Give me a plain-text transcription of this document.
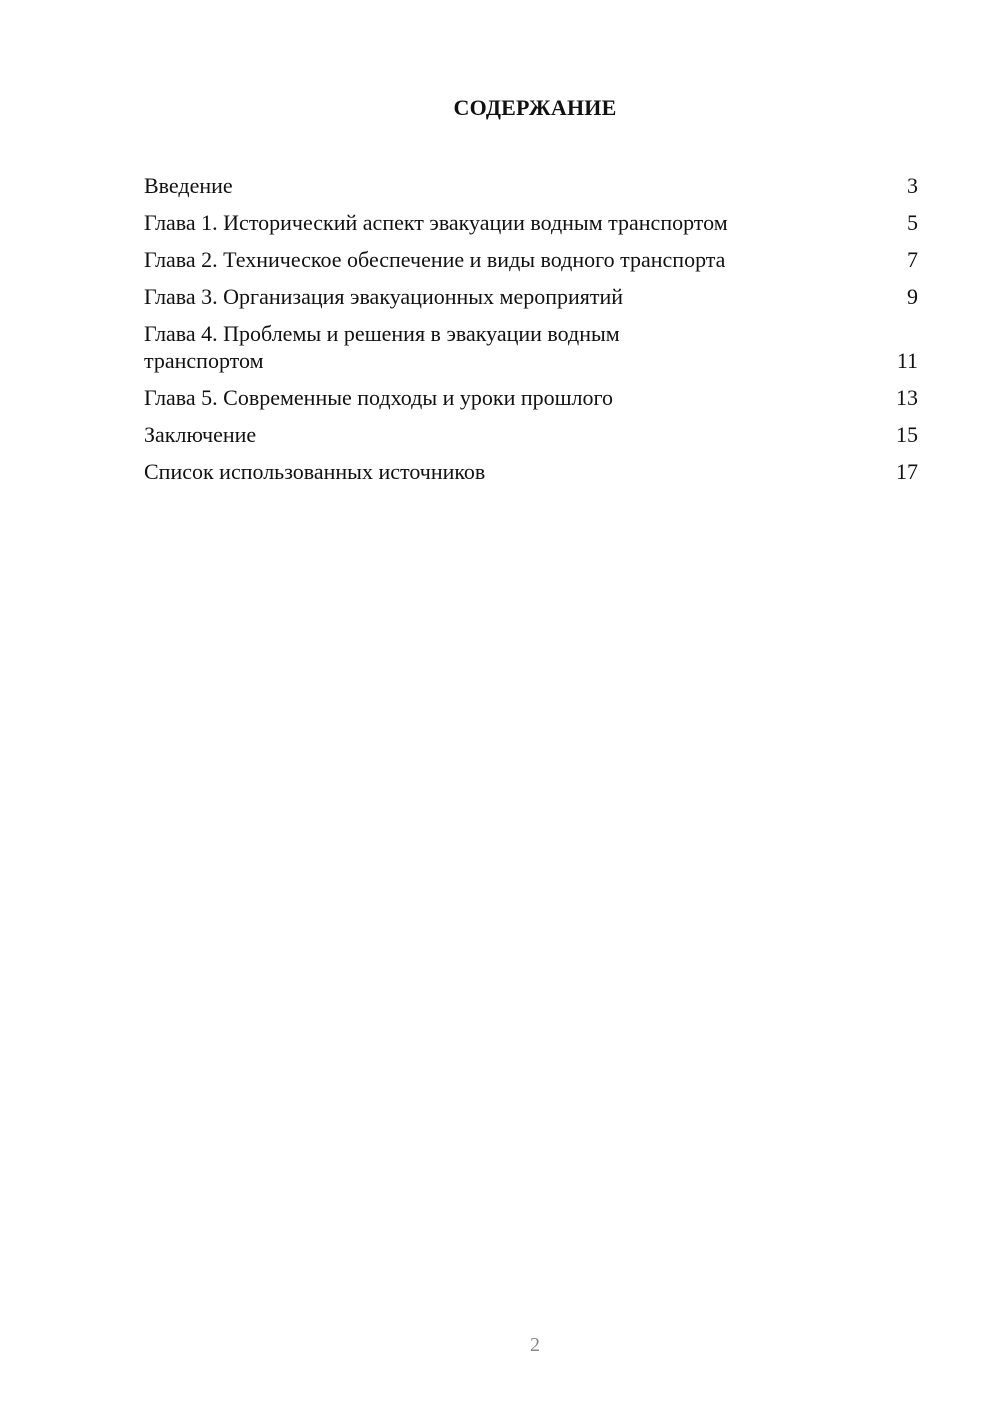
СОДЕРЖАНИЕ
Введение	3
Глава 1. Исторический аспект эвакуации водным транспортом	5
Глава 2. Техническое обеспечение и виды водного транспорта	7
Глава 3. Организация эвакуационных мероприятий	9
Глава 4. Проблемы и решения в эвакуации водным транспортом	11
Глава 5. Современные подходы и уроки прошлого	13
Заключение	15
Список использованных источников	17
2
